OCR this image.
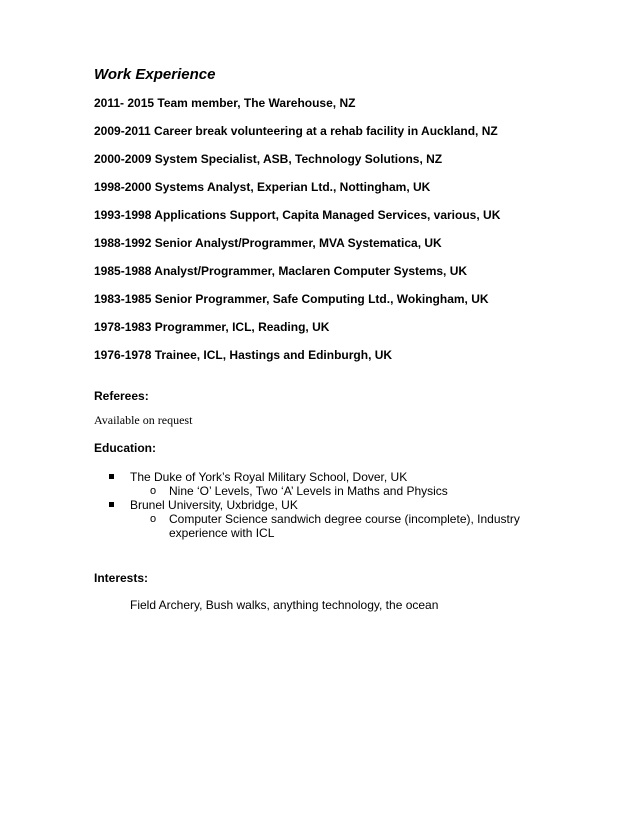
Work Experience
2011- 2015 Team member, The Warehouse, NZ
2009-2011 Career break volunteering at a rehab facility in Auckland, NZ
2000-2009 System Specialist, ASB, Technology Solutions, NZ
1998-2000 Systems Analyst, Experian Ltd., Nottingham, UK
1993-1998 Applications Support, Capita Managed Services, various, UK
1988-1992 Senior Analyst/Programmer, MVA Systematica, UK
1985-1988 Analyst/Programmer, Maclaren Computer Systems, UK
1983-1985 Senior Programmer, Safe Computing Ltd., Wokingham, UK
1978-1983 Programmer, ICL, Reading, UK
1976-1978 Trainee, ICL, Hastings and Edinburgh, UK
Referees:
Available on request
Education:
The Duke of York’s Royal Military School, Dover, UK
o Nine ‘O’ Levels, Two ‘A’ Levels in Maths and Physics
Brunel University, Uxbridge, UK
o Computer Science sandwich degree course (incomplete), Industry experience with ICL
Interests:
Field Archery, Bush walks, anything technology, the ocean
